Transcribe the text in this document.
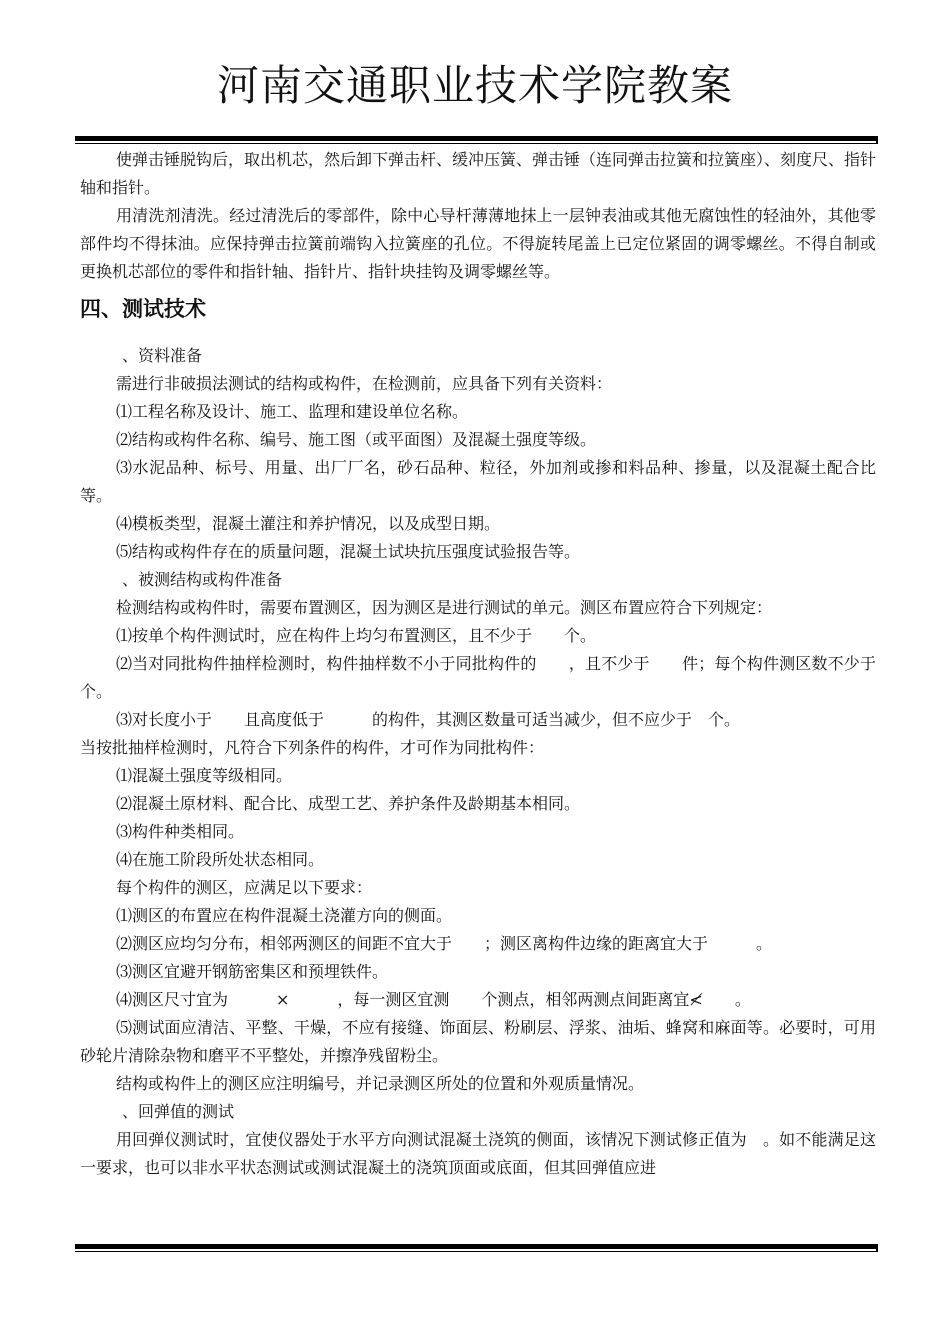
河南交通职业技术学院教案

使弹击锤脱钩后，取出机芯，然后卸下弹击杆、缓冲压簧、弹击锤（连同弹击拉簧和拉簧座）、刻度尺、指针轴和指针。

用清洗剂清洗。经过清洗后的零部件，除中心导杆薄薄地抹上一层钟表油或其他无腐蚀性的轻油外，其他零部件均不得抹油。应保持弹击拉簧前端钩入拉簧座的孔位。不得旋转尾盖上已定位紧固的调零螺丝。不得自制或更换机芯部位的零件和指针轴、指针片、指针块挂钩及调零螺丝等。

四、测试技术

、资料准备

需进行非破损法测试的结构或构件，在检测前，应具备下列有关资料：

⑴工程名称及设计、施工、监理和建设单位名称。

⑵结构或构件名称、编号、施工图（或平面图）及混凝土强度等级。

⑶水泥品种、标号、用量、出厂厂名，砂石品种、粒径，外加剂或掺和料品种、掺量，以及混凝土配合比等。

⑷模板类型，混凝土灌注和养护情况，以及成型日期。

⑸结构或构件存在的质量问题，混凝土试块抗压强度试验报告等。

、被测结构或构件准备

检测结构或构件时，需要布置测区，因为测区是进行测试的单元。测区布置应符合下列规定：

⑴按单个构件测试时，应在构件上均匀布置测区，且不少于　　个。

⑵当对同批构件抽样检测时，构件抽样数不小于同批构件的　　，且不少于　　件；每个构件测区数不少于　　个。

⑶对长度小于　　且高度低于　　　的构件，其测区数量可适当减少，但不应少于　个。

当按批抽样检测时，凡符合下列条件的构件，才可作为同批构件：

⑴混凝土强度等级相同。

⑵混凝土原材料、配合比、成型工艺、养护条件及龄期基本相同。

⑶构件种类相同。

⑷在施工阶段所处状态相同。

每个构件的测区，应满足以下要求：

⑴测区的布置应在构件混凝土浇灌方向的侧面。

⑵测区应均匀分布，相邻两测区的间距不宜大于　　；测区离构件边缘的距离宜大于　　　。

⑶测区宜避开钢筋密集区和预埋铁件。

⑷测区尺寸宜为　　　×　　　，每一测区宜测　　个测点，相邻两测点间距离宜≮　　。

⑸测试面应清洁、平整、干燥，不应有接缝、饰面层、粉刷层、浮浆、油垢、蜂窝和麻面等。必要时，可用砂轮片清除杂物和磨平不平整处，并擦净残留粉尘。

结构或构件上的测区应注明编号，并记录测区所处的位置和外观质量情况。

、回弹值的测试

用回弹仪测试时，宜使仪器处于水平方向测试混凝土浇筑的侧面，该情况下测试修正值为　。如不能满足这一要求，也可以非水平状态测试或测试混凝土的浇筑顶面或底面，但其回弹值应进
